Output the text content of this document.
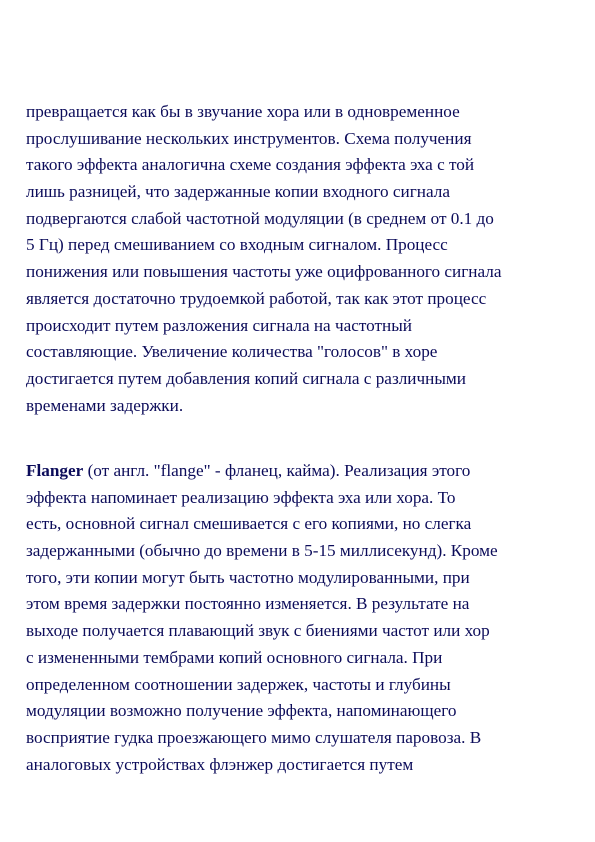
превращается как бы в звучание хора или в одновременное
прослушивание нескольких инструментов. Схема получения
такого эффекта аналогична схеме создания эффекта эха с той
лишь разницей, что задержанные копии входного сигнала
подвергаются слабой частотной модуляции (в среднем от 0.1 до
5 Гц) перед смешиванием со входным сигналом. Процесс
понижения или повышения частоты уже оцифрованного сигнала
является достаточно трудоемкой работой, так как этот процесс
происходит путем разложения сигнала на частотный
составляющие. Увеличение количества "голосов" в хоре
достигается путем добавления копий сигнала с различными
временами задержки.
Flanger (от англ. "flange" - фланец, кайма). Реализация этого
эффекта напоминает реализацию эффекта эха или хора. То
есть, основной сигнал смешивается с его копиями, но слегка
задержанными (обычно до времени в 5-15 миллисекунд). Кроме
того, эти копии могут быть частотно модулированными, при
этом время задержки постоянно изменяется. В результате на
выходе получается плавающий звук с биениями частот или хор
с измененными тембрами копий основного сигнала. При
определенном соотношении задержек, частоты и глубины
модуляции возможно получение эффекта, напоминающего
восприятие гудка проезжающего мимо слушателя паровоза. В
аналоговых устройствах флэнжер достигается путем
